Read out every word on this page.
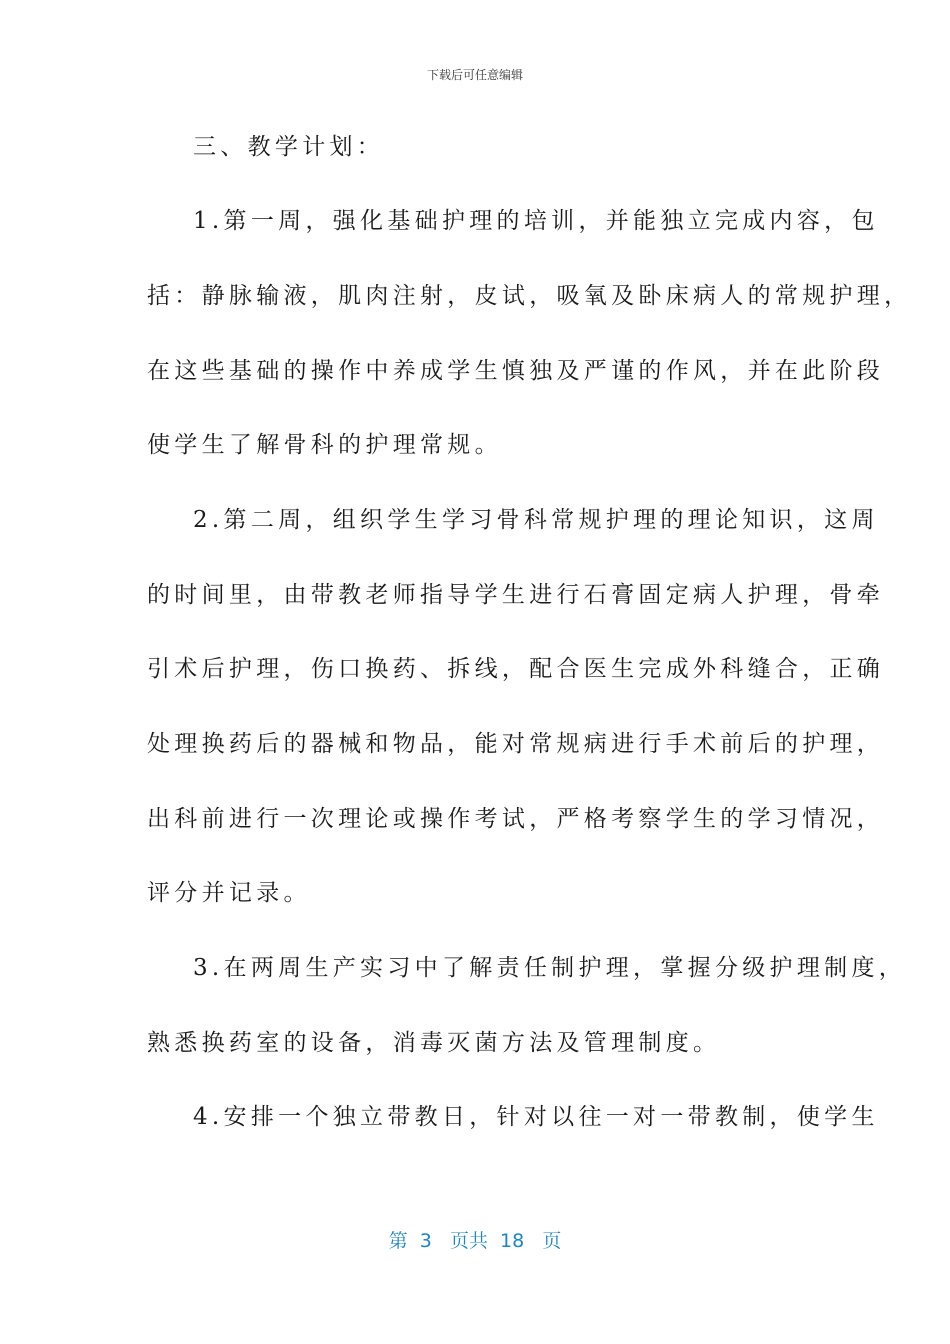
下载后可任意编辑
三、教学计划：
1.第一周，强化基础护理的培训，并能独立完成内容，包
括：静脉输液，肌肉注射，皮试，吸氧及卧床病人的常规护理，
在这些基础的操作中养成学生慎独及严谨的作风，并在此阶段
使学生了解骨科的护理常规。
2.第二周，组织学生学习骨科常规护理的理论知识，这周
的时间里，由带教老师指导学生进行石膏固定病人护理，骨牵
引术后护理，伤口换药、拆线，配合医生完成外科缝合，正确
处理换药后的器械和物品，能对常规病进行手术前后的护理，
出科前进行一次理论或操作考试，严格考察学生的学习情况，
评分并记录。
3.在两周生产实习中了解责任制护理，掌握分级护理制度，
熟悉换药室的设备，消毒灭菌方法及管理制度。
4.安排一个独立带教日，针对以往一对一带教制，使学生
第  3   页共  18   页
